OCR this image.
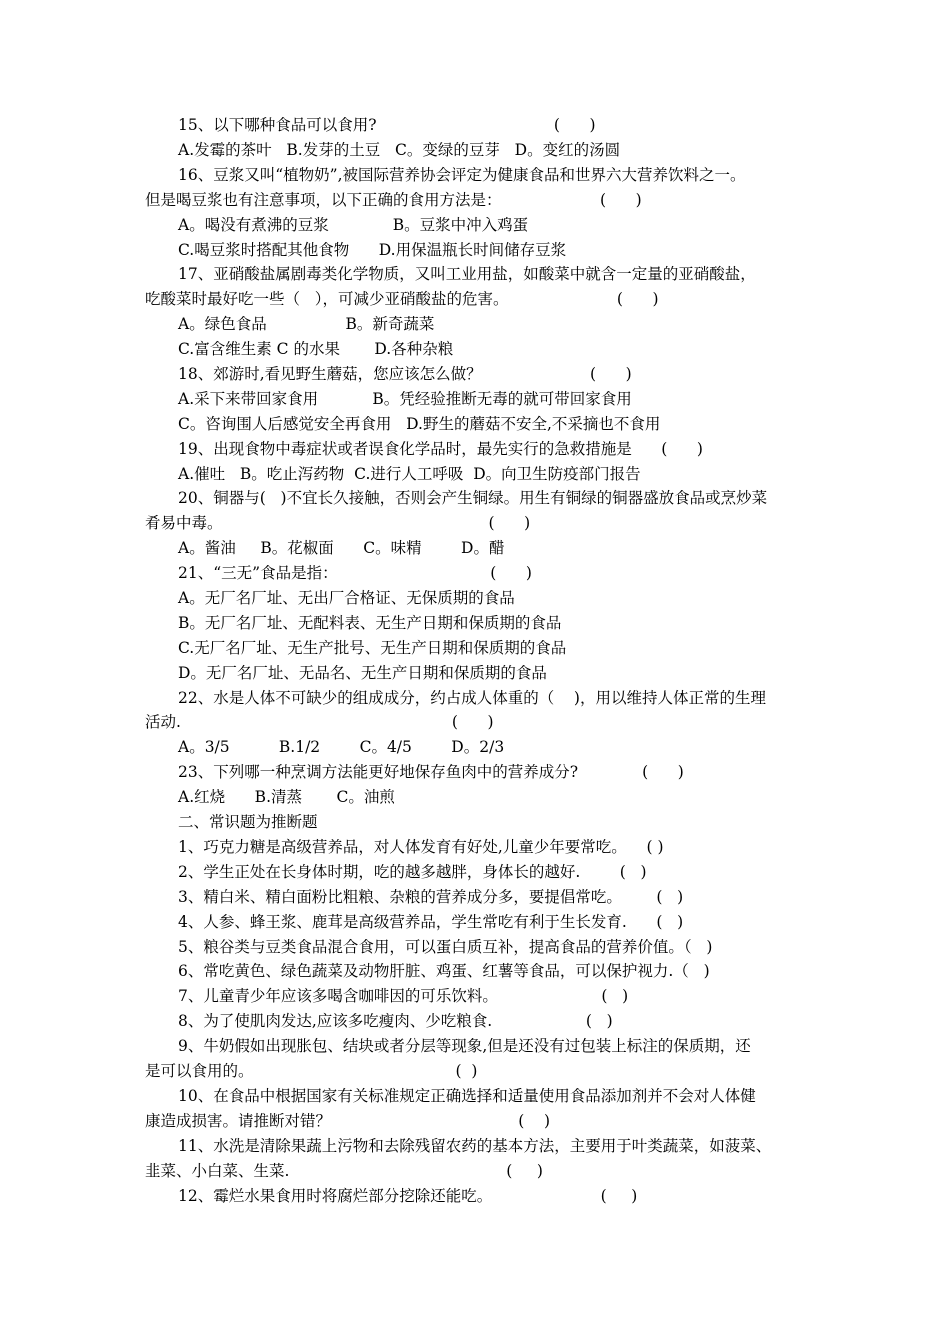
15、以下哪种食品可以食用?                                    (      )
A.发霉的茶叶   B.发芽的土豆   C。变绿的豆芽   D。变红的汤圆
16、豆浆又叫“植物奶”,被国际营养协会评定为健康食品和世界六大营养饮料之一。
但是喝豆浆也有注意事项，以下正确的食用方法是：                    (      )
A。喝没有煮沸的豆浆             B。豆浆中冲入鸡蛋
C.喝豆浆时搭配其他食物      D.用保温瓶长时间储存豆浆
17、亚硝酸盐属剧毒类化学物质，又叫工业用盐，如酸菜中就含一定量的亚硝酸盐，
吃酸菜时最好吃一些（   ），可减少亚硝酸盐的危害。                      (      )
A。绿色食品                B。新奇蔬菜
C.富含维生素 C 的水果       D.各种杂粮
18、郊游时,看见野生蘑菇，您应该怎么做？                      (      )
A.采下来带回家食用           B。凭经验推断无毒的就可带回家食用
C。咨询围人后感觉安全再食用   D.野生的蘑菇不安全,不采摘也不食用
19、出现食物中毒症状或者误食化学品时，最先实行的急救措施是      (      )
A.催吐   B。吃止泻药物  C.进行人工呼吸  D。向卫生防疫部门报告
20、铜器与(   )不宜长久接触，否则会产生铜绿。用生有铜绿的铜器盛放食品或烹炒菜
肴易中毒。                                                      (      )
A。酱油     B。花椒面      C。味精        D。醋
21、“三无”食品是指：                               (      )
A。无厂名厂址、无出厂合格证、无保质期的食品
B。无厂名厂址、无配料表、无生产日期和保质期的食品
C.无厂名厂址、无生产批号、无生产日期和保质期的食品
D。无厂名厂址、无品名、无生产日期和保质期的食品
22、水是人体不可缺少的组成成分，约占成人体重的（    )，用以维持人体正常的生理
活动.                                                       (      )
A。3/5          B.1/2        C。4/5        D。2/3
23、下列哪一种烹调方法能更好地保存鱼肉中的营养成分?             (      )
A.红烧      B.清蒸       C。油煎
二、常识题为推断题
1、巧克力糖是高级营养品，对人体发育有好处,儿童少年要常吃。    ( )
2、学生正处在长身体时期，吃的越多越胖，身体长的越好.        (   )
3、精白米、精白面粉比粗粮、杂粮的营养成分多，要提倡常吃。       (   )
4、人参、蜂王浆、鹿茸是高级营养品，学生常吃有利于生长发育.      (   )
5、粮谷类与豆类食品混合食用，可以蛋白质互补，提高食品的营养价值。（   )
6、常吃黄色、绿色蔬菜及动物肝脏、鸡蛋、红薯等食品，可以保护视力.（   )
7、儿童青少年应该多喝含咖啡因的可乐饮料。                     (   )
8、为了使肌肉发达,应该多吃瘦肉、少吃粮食.                   (   )
9、牛奶假如出现胀包、结块或者分层等现象,但是还没有过包装上标注的保质期，还
是可以食用的。                                         (  )
10、在食品中根据国家有关标准规定正确选择和适量使用食品添加剂并不会对人体健
康造成损害。请推断对错？                                      (    )
11、水洗是清除果蔬上污物和去除残留农药的基本方法，主要用于叶类蔬菜，如菠菜、
韭菜、小白菜、生菜.                                            (     )
12、霉烂水果食用时将腐烂部分挖除还能吃。                      (     )
